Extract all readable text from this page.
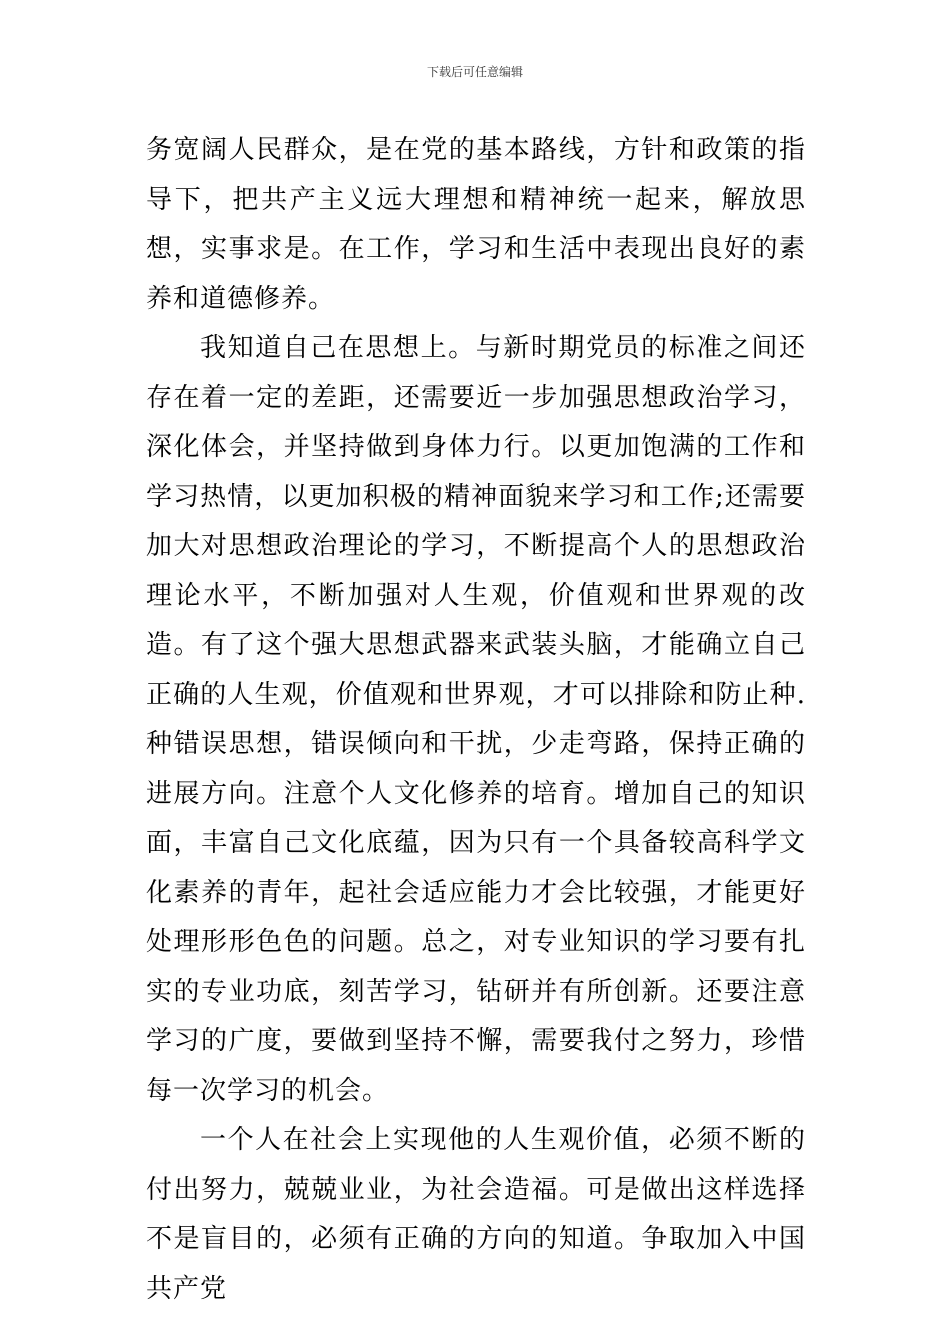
下载后可任意编辑

务宽阔人民群众，是在党的基本路线，方针和政策的指导下，把共产主义远大理想和精神统一起来，解放思想，实事求是。在工作，学习和生活中表现出良好的素养和道德修养。

我知道自己在思想上。与新时期党员的标准之间还存在着一定的差距，还需要近一步加强思想政治学习，深化体会，并坚持做到身体力行。以更加饱满的工作和学习热情，以更加积极的精神面貌来学习和工作;还需要加大对思想政治理论的学习，不断提高个人的思想政治理论水平，不断加强对人生观，价值观和世界观的改造。有了这个强大思想武器来武装头脑，才能确立自己正确的人生观，价值观和世界观，才可以排除和防止种.种错误思想，错误倾向和干扰，少走弯路，保持正确的进展方向。注意个人文化修养的培育。增加自己的知识面，丰富自己文化底蕴，因为只有一个具备较高科学文化素养的青年，起社会适应能力才会比较强，才能更好处理形形色色的问题。总之，对专业知识的学习要有扎实的专业功底，刻苦学习，钻研并有所创新。还要注意学习的广度，要做到坚持不懈，需要我付之努力，珍惜每一次学习的机会。

一个人在社会上实现他的人生观价值，必须不断的付出努力，兢兢业业，为社会造福。可是做出这样选择不是盲目的，必须有正确的方向的知道。争取加入中国共产党
